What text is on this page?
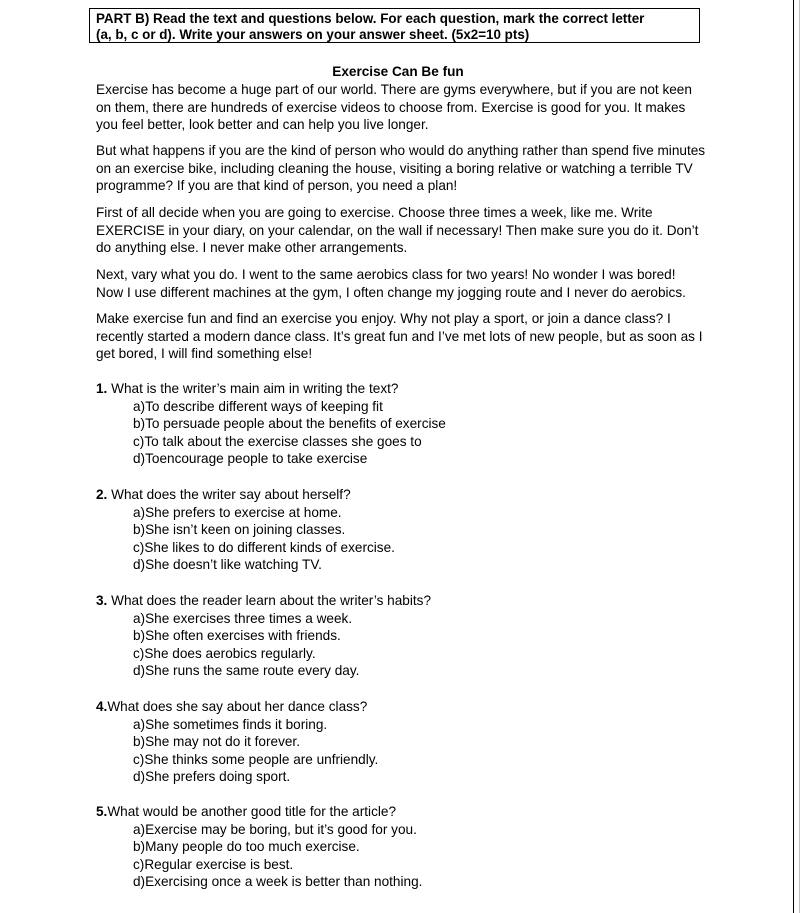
PART B) Read the text and questions below. For each question, mark the correct letter
(a, b, c or d). Write your answers on your answer sheet. (5x2=10 pts)
Exercise Can Be fun

Exercise has become a huge part of our world. There are gyms everywhere, but if you are not keen on them, there are hundreds of exercise videos to choose from. Exercise is good for you. It makes you feel better, look better and can help you live longer.

But what happens if you are the kind of person who would do anything rather than spend five minutes on an exercise bike, including cleaning the house, visiting a boring relative or watching a terrible TV programme? If you are that kind of person, you need a plan!

First of all decide when you are going to exercise. Choose three times a week, like me. Write EXERCISE in your diary, on your calendar, on the wall if necessary! Then make sure you do it. Don’t do anything else. I never make other arrangements.

Next, vary what you do. I went to the same aerobics class for two years! No wonder I was bored! Now I use different machines at the gym, I often change my jogging route and I never do aerobics.

Make exercise fun and find an exercise you enjoy. Why not play a sport, or join a dance class? I recently started a modern dance class. It’s great fun and I’ve met lots of new people, but as soon as I get bored, I will find something else!

1. What is the writer’s main aim in writing the text?
a)To describe different ways of keeping fit
b)To persuade people about the benefits of exercise
c)To talk about the exercise classes she goes to
d)Toencourage people to take exercise
2. What does the writer say about herself?
a)She prefers to exercise at home.
b)She isn’t keen on joining classes.
c)She likes to do different kinds of exercise.
d)She doesn’t like watching TV.
3. What does the reader learn about the writer’s habits?
a)She exercises three times a week.
b)She often exercises with friends.
c)She does aerobics regularly.
d)She runs the same route every day.
4.What does she say about her dance class?
a)She sometimes finds it boring.
b)She may not do it forever.
c)She thinks some people are unfriendly.
d)She prefers doing sport.
5.What would be another good title for the article?
a)Exercise may be boring, but it’s good for you.
b)Many people do too much exercise.
c)Regular exercise is best.
d)Exercising once a week is better than nothing.
